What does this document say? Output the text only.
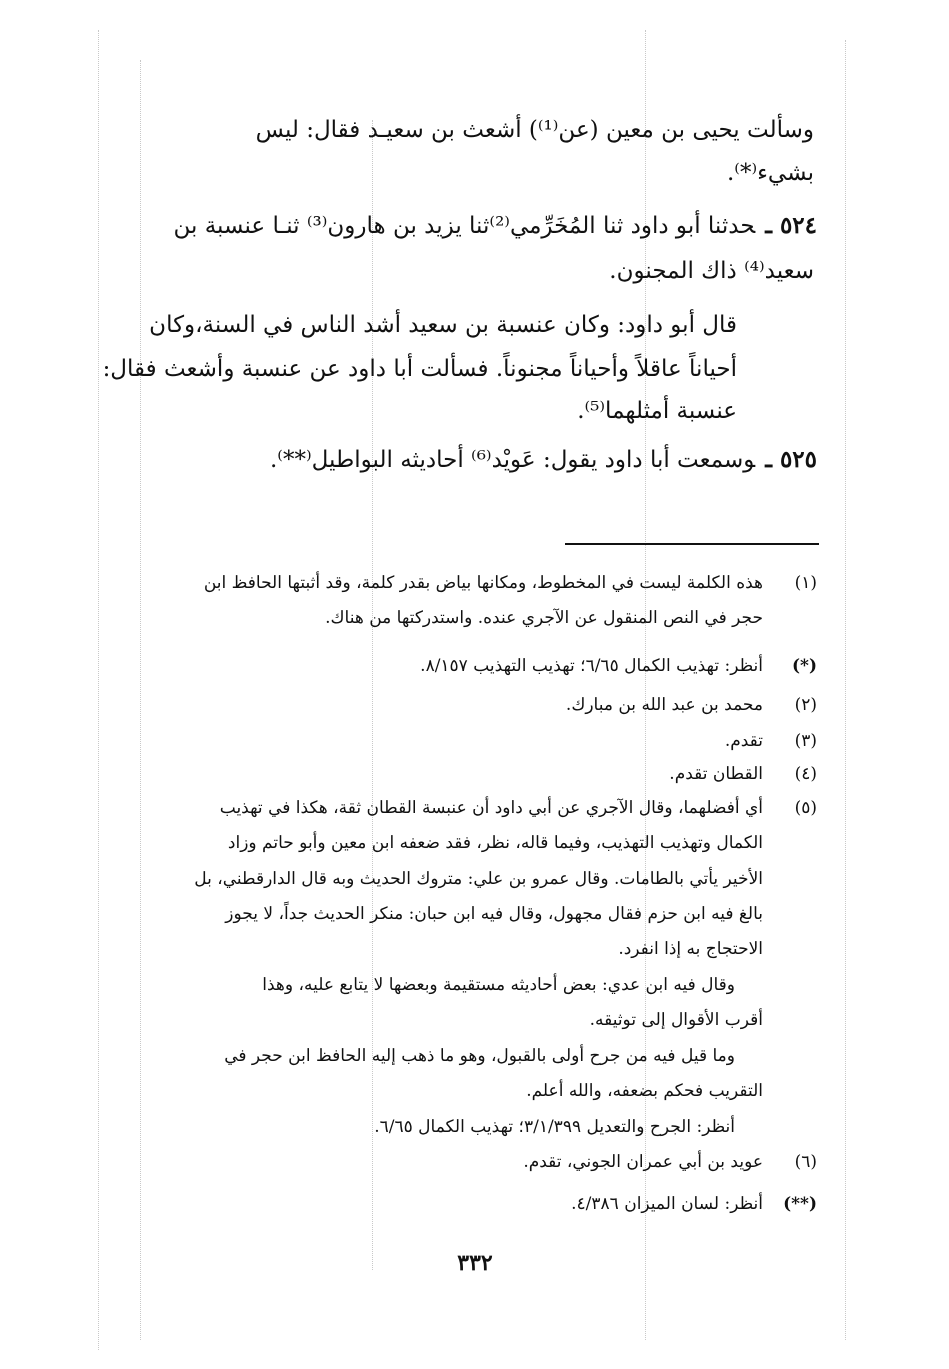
وسألت يحيى بن معين (عن⁽¹⁾) أشعث بن سعيـد فقال: ليس
بشيء⁽*⁾.
٥٢٤ ـحدثنا أبو داود ثنا المُخَرِّمي⁽²⁾ثنا يزيد بن هارون⁽³⁾ ثنـا عنسبة بن
سعيد⁽⁴⁾ ذاك المجنون.
قال أبو داود: وكان عنسبة بن سعيد أشد الناس في السنة،وكان
أحياناً عاقلاً وأحياناً مجنوناً. فسألت أبا داود عن عنسبة وأشعث فقال:
عنسبة أمثلهما⁽⁵⁾.
٥٢٥ ـوسمعت أبا داود يقول: عَويْد⁽⁶⁾ أحاديثه البواطيل⁽**⁾.
(١)
هذه الكلمة ليست في المخطوط، ومكانها بياض بقدر كلمة، وقد أثبتها الحافظ ابن
حجر في النص المنقول عن الآجري عنده. واستدركتها من هناك.
(*)
أنظر: تهذيب الكمال ٦/٦٥؛ تهذيب التهذيب ٨/١٥٧.
(٢)
محمد بن عبد الله بن مبارك.
(٣)
تقدم.
(٤)
القطان تقدم.
(٥)
أي أفضلهما، وقال الآجري عن أبي داود أن عنبسة القطان ثقة، هكذا في تهذيب
الكمال وتهذيب التهذيب، وفيما قاله، نظر، فقد ضعفه ابن معين وأبو حاتم وزاد
الأخير يأتي بالطامات. وقال عمرو بن علي: متروك الحديث وبه قال الدارقطني، بل
بالغ فيه ابن حزم فقال مجهول، وقال فيه ابن حبان: منكر الحديث جداً، لا يجوز
الاحتجاج به إذا انفرد.
وقال فيه ابن عدي: بعض أحاديثه مستقيمة وبعضها لا يتابع عليه، وهذا
أقرب الأقوال إلى توثيقه.
وما قيل فيه من جرح أولى بالقبول، وهو ما ذهب إليه الحافظ ابن حجر في
التقريب فحكم بضعفه، والله أعلم.
أنظر: الجرح والتعديل ٣/١/٣٩٩؛ تهذيب الكمال ٦/٦٥.
(٦)
عويد بن أبي عمران الجوني، تقدم.
(**)
أنظر: لسان الميزان ٤/٣٨٦.
٣٣٢
